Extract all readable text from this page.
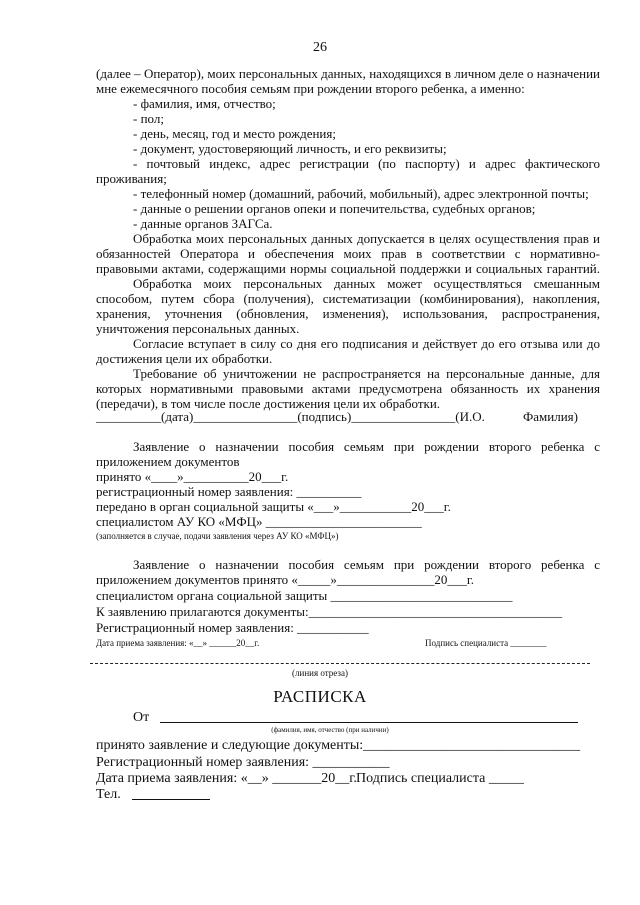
26
(далее – Оператор), моих персональных данных, находящихся в личном деле о назначении
мне ежемесячного пособия семьям при рождении второго ребенка, а именно:
- фамилия, имя, отчество;
- пол;
- день, месяц, год и место рождения;
- документ, удостоверяющий личность, и его реквизиты;
- почтовый индекс, адрес регистрации (по паспорту) и адрес фактического
проживания;
- телефонный номер (домашний, рабочий, мобильный), адрес электронной почты;
- данные о решении органов опеки и попечительства, судебных органов;
- данные органов ЗАГСа.
Обработка моих персональных данных допускается в целях осуществления прав и
обязанностей Оператора и обеспечения моих прав в соответствии с нормативно-
правовыми актами, содержащими нормы социальной поддержки и социальных гарантий.
Обработка моих персональных данных может осуществляться смешанным
способом, путем сбора (получения), систематизации (комбинирования), накопления,
хранения, уточнения (обновления, изменения), использования, распространения,
уничтожения персональных данных.
Согласие вступает в силу со дня его подписания и действует до его отзыва или до
достижения цели их обработки.
Требование об уничтожении не распространяется на персональные данные, для
которых нормативными правовыми актами предусмотрена обязанность их хранения
(передачи), в том числе после достижения цели их обработки.
__________(дата)________________(подпись)________________(И.О. Фамилия)
Заявление о назначении пособия семьям при рождении второго ребенка с
приложением документов
принято «____»__________20___г.
регистрационный номер заявления: __________
передано в орган социальной защиты «___»___________20___г.
специалистом АУ КО «МФЦ» ________________________
(заполняется в случае, подачи заявления через АУ КО «МФЦ»)
Заявление о назначении пособия семьям при рождении второго ребенка с
приложением документов принято «_____»_______________20___г.
специалистом органа социальной защиты ____________________________
К заявлению прилагаются документы:_______________________________________
Регистрационный номер заявления: ___________
Дата приема заявления: «__» ______20__г.	Подпись специалиста ________
(линия отреза)
РАСПИСКА
От
(фамилия, имя, отчество (при наличии)
принято заявление и следующие документы:_______________________________
Регистрационный номер заявления: ___________
Дата приема заявления: «__» _______20__г. Подпись специалиста _____
Тел.
